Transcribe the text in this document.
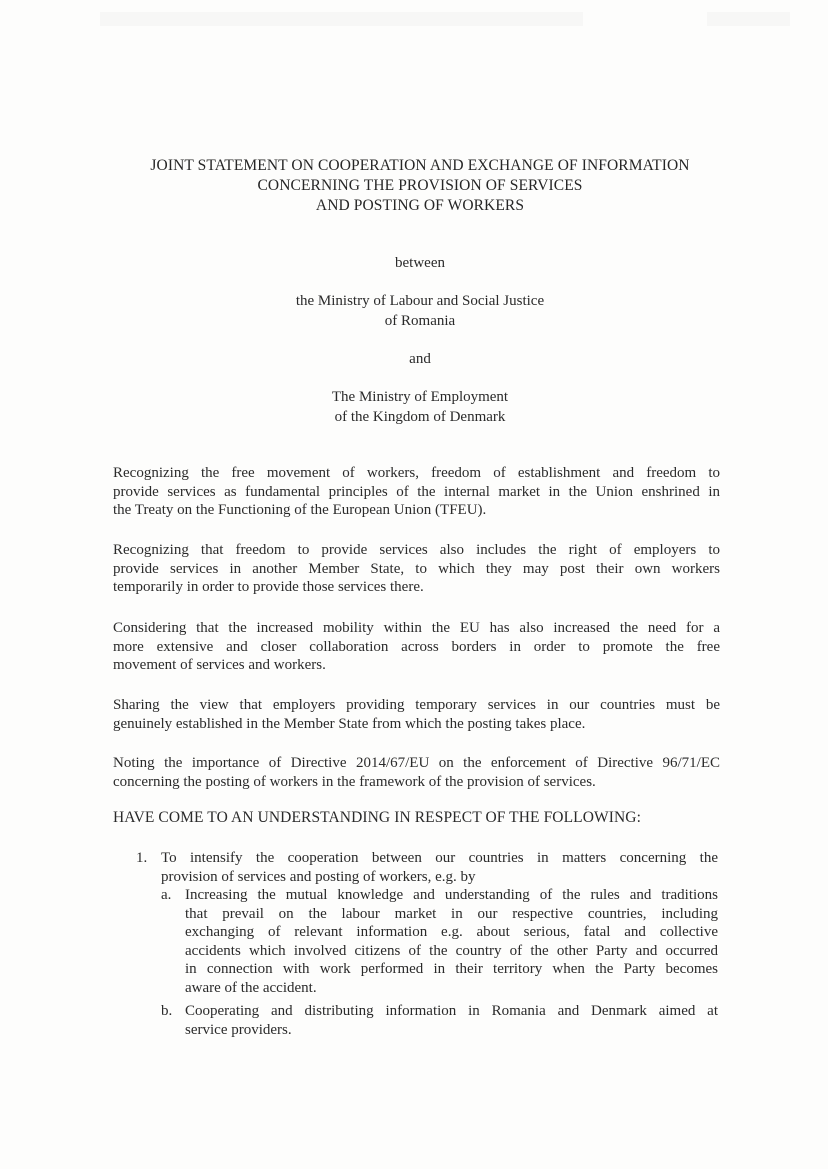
JOINT STATEMENT ON COOPERATION AND EXCHANGE OF INFORMATION
CONCERNING THE PROVISION OF SERVICES
AND POSTING OF WORKERS
between
the Ministry of Labour and Social Justice
of Romania
and
The Ministry of Employment
of the Kingdom of Denmark
Recognizing the free movement of workers, freedom of establishment and freedom to
provide services as fundamental principles of the internal market in the Union enshrined in
the Treaty on the Functioning of the European Union (TFEU).
Recognizing that freedom to provide services also includes the right of employers to
provide services in another Member State, to which they may post their own workers
temporarily in order to provide those services there.
Considering that the increased mobility within the EU has also increased the need for a
more extensive and closer collaboration across borders in order to promote the free
movement of services and workers.
Sharing the view that employers providing temporary services in our countries must be
genuinely established in the Member State from which the posting takes place.
Noting the importance of Directive 2014/67/EU on the enforcement of Directive 96/71/EC
concerning the posting of workers in the framework of the provision of services.
HAVE COME TO AN UNDERSTANDING IN RESPECT OF THE FOLLOWING:
1. To intensify the cooperation between our countries in matters concerning the
provision of services and posting of workers, e.g. by
a. Increasing the mutual knowledge and understanding of the rules and traditions
that prevail on the labour market in our respective countries, including
exchanging of relevant information e.g. about serious, fatal and collective
accidents which involved citizens of the country of the other Party and occurred
in connection with work performed in their territory when the Party becomes
aware of the accident.
b. Cooperating and distributing information in Romania and Denmark aimed at
service providers.
